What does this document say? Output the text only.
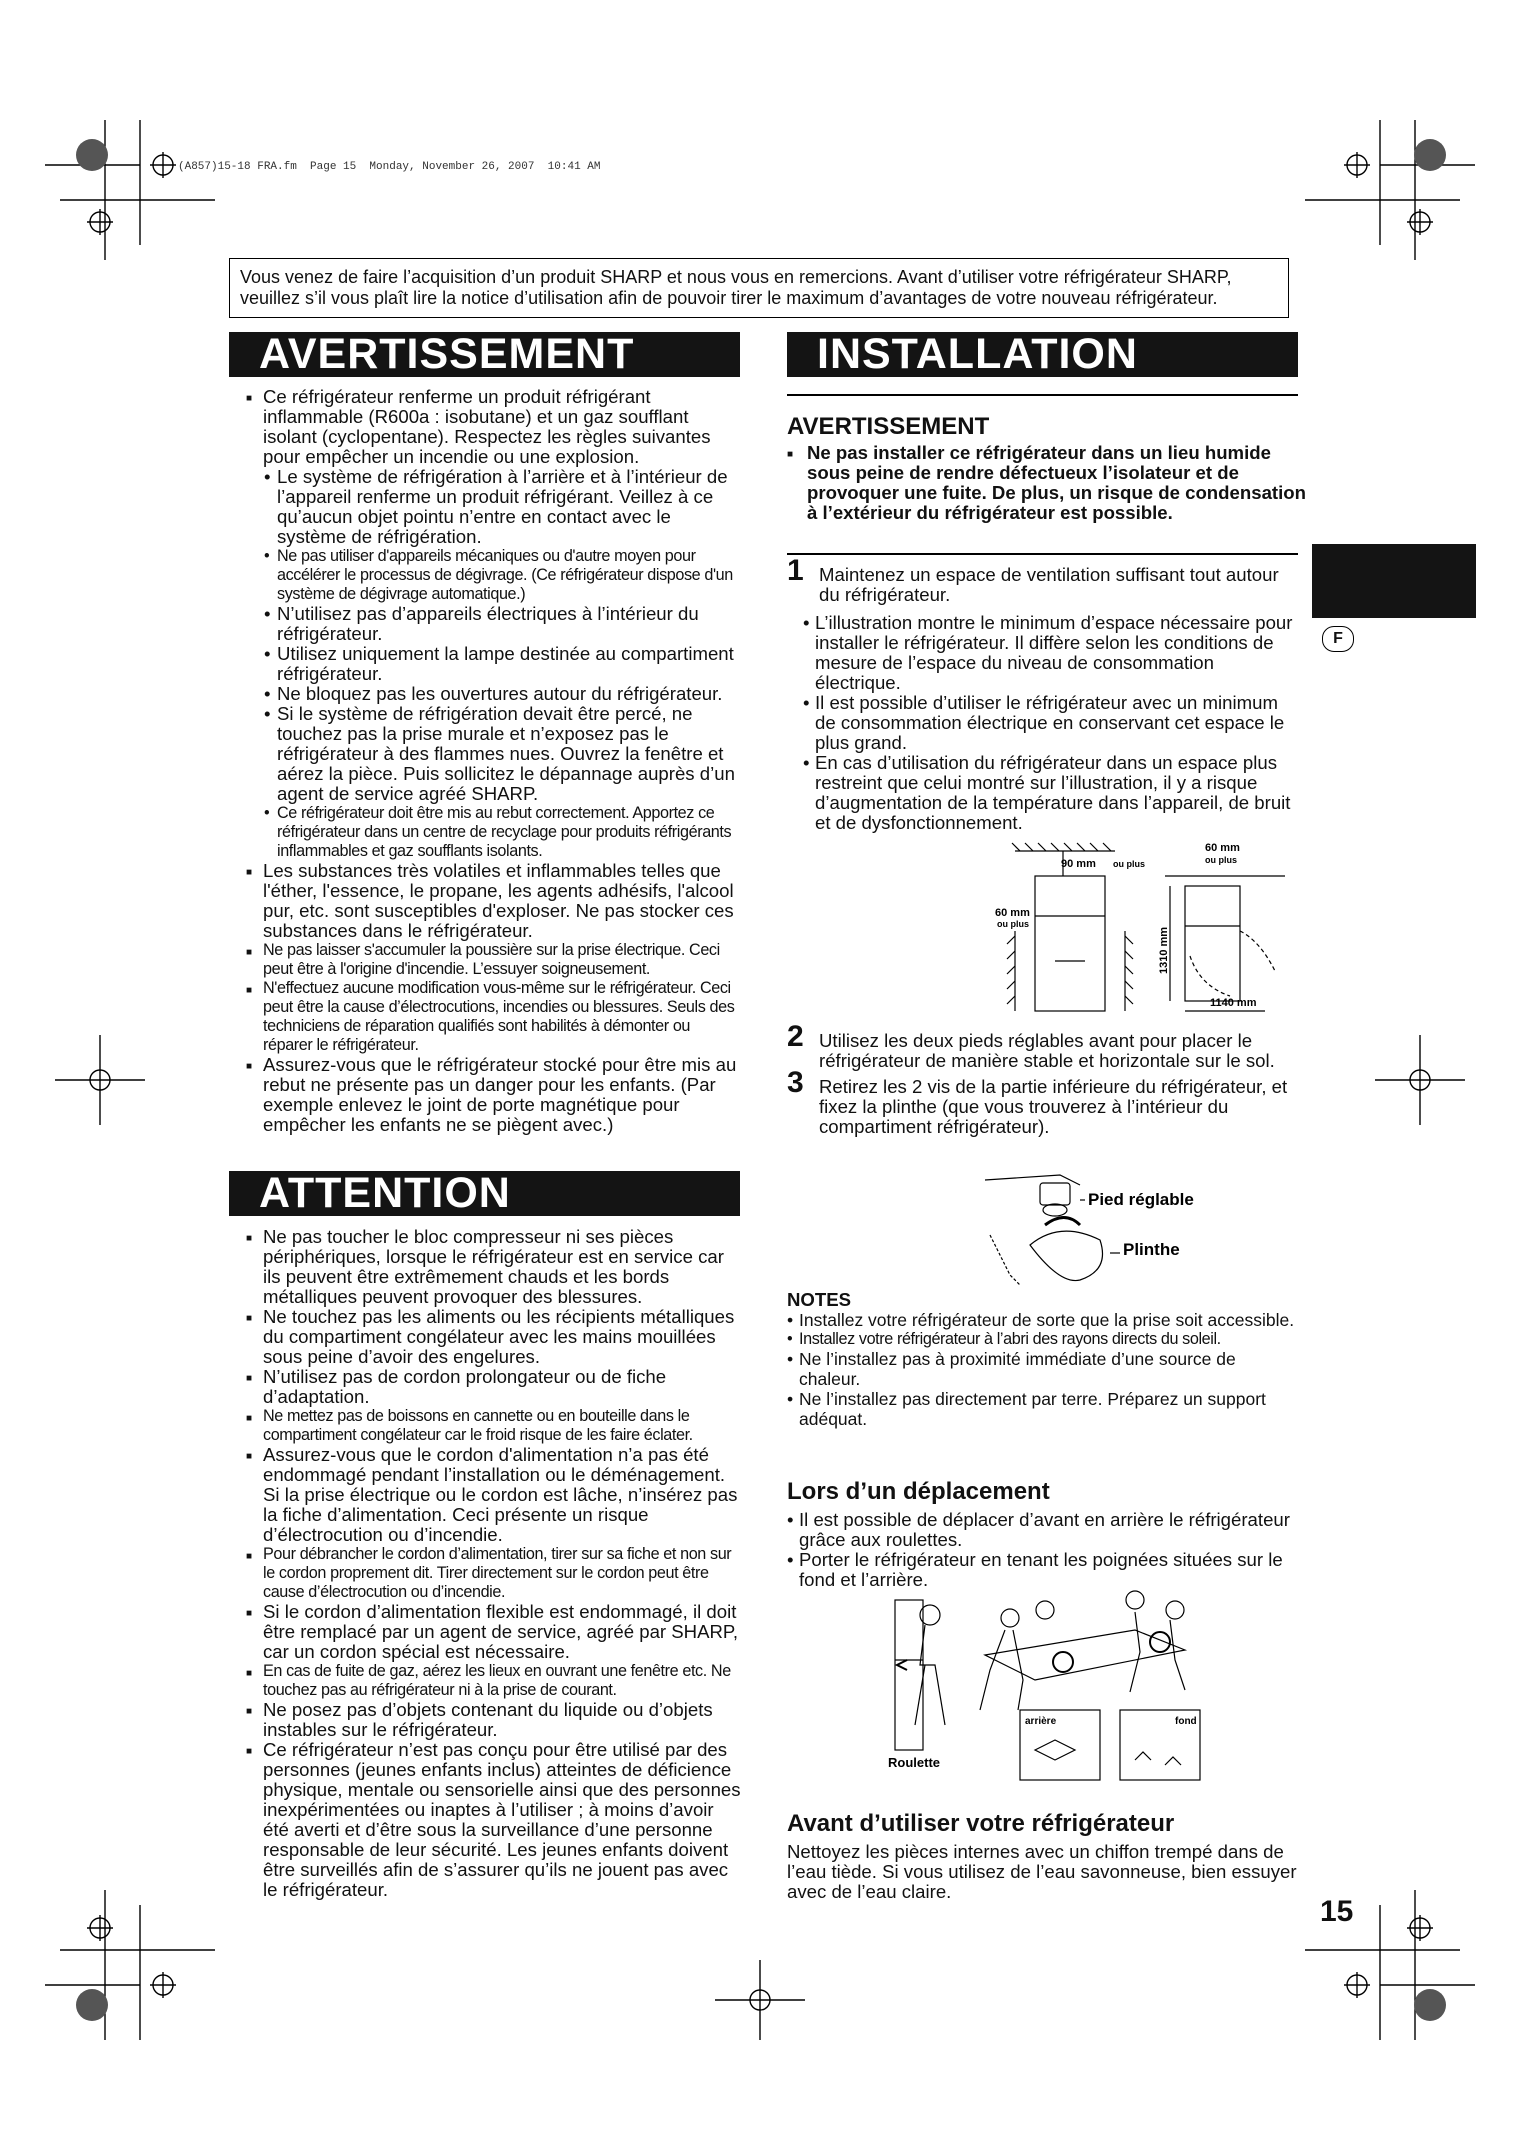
(A857)15-18 FRA.fm  Page 15  Monday, November 26, 2007  10:41 AM
Vous venez de faire l’acquisition d’un produit SHARP et nous vous en remercions. Avant d’utiliser votre réfrigérateur SHARP,
veuillez s’il vous plaît lire la notice d’utilisation afin de pouvoir tirer le maximum d’avantages de votre nouveau réfrigérateur.
AVERTISSEMENT
■ Ce réfrigérateur renferme un produit réfrigérant inflammable (R600a : isobutane) et un gaz soufflant isolant (cyclopentane). Respectez les règles suivantes pour empêcher un incendie ou une explosion.
• Le système de réfrigération à l’arrière et à l’intérieur de l’appareil renferme un produit réfrigérant. Veillez à ce qu’aucun objet pointu n’entre en contact avec le système de réfrigération.
• Ne pas utiliser d'appareils mécaniques ou d'autre moyen pour accélérer le processus de dégivrage. (Ce réfrigérateur dispose d'un système de dégivrage automatique.)
• N’utilisez pas d’appareils électriques à l’intérieur du réfrigérateur.
• Utilisez uniquement la lampe destinée au compartiment réfrigérateur.
• Ne bloquez pas les ouvertures autour du réfrigérateur.
• Si le système de réfrigération devait être percé, ne touchez pas la prise murale et n’exposez pas le réfrigérateur à des flammes nues. Ouvrez la fenêtre et aérez la pièce. Puis sollicitez le dépannage auprès d’un agent de service agréé SHARP.
• Ce réfrigérateur doit être mis au rebut correctement. Apportez ce réfrigérateur dans un centre de recyclage pour produits réfrigérants inflammables et gaz soufflants isolants.
■ Les substances très volatiles et inflammables telles que l'éther, l'essence, le propane, les agents adhésifs, l'alcool pur, etc. sont susceptibles d'exploser. Ne pas stocker ces substances dans le réfrigérateur.
■ Ne pas laisser s'accumuler la poussière sur la prise électrique. Ceci peut être à l'origine d'incendie. L’essuyer soigneusement.
■ N'effectuez aucune modification vous-même sur le réfrigérateur. Ceci peut être la cause d’électrocutions, incendies ou blessures. Seuls des techniciens de réparation qualifiés sont habilités à démonter ou réparer le réfrigérateur.
■ Assurez-vous que le réfrigérateur stocké pour être mis au rebut ne présente pas un danger pour les enfants. (Par exemple enlevez le joint de porte magnétique pour empêcher les enfants ne se piègent avec.)
ATTENTION
■ Ne pas toucher le bloc compresseur ni ses pièces périphériques, lorsque le réfrigérateur est en service car ils peuvent être extrêmement chauds et les bords métalliques peuvent provoquer des blessures.
■ Ne touchez pas les aliments ou les récipients métalliques du compartiment congélateur avec les mains mouillées sous peine d’avoir des engelures.
■ N’utilisez pas de cordon prolongateur ou de fiche d’adaptation.
■ Ne mettez pas de boissons en cannette ou en bouteille dans le compartiment congélateur car le froid risque de les faire éclater.
■ Assurez-vous que le cordon d'alimentation n’a pas été endommagé pendant l’installation ou le déménagement. Si la prise électrique ou le cordon est lâche, n’insérez pas la fiche d’alimentation. Ceci présente un risque d’électrocution ou d’incendie.
■ Pour débrancher le cordon d’alimentation, tirer sur sa fiche et non sur le cordon proprement dit. Tirer directement sur le cordon peut être cause d’électrocution ou d’incendie.
■ Si le cordon d’alimentation flexible est endommagé, il doit être remplacé par un agent de service, agréé par SHARP, car un cordon spécial est nécessaire.
■ En cas de fuite de gaz, aérez les lieux en ouvrant une fenêtre etc. Ne touchez pas au réfrigérateur ni à la prise de courant.
■ Ne posez pas d’objets contenant du liquide ou d’objets instables sur le réfrigérateur.
■ Ce réfrigérateur n’est pas conçu pour être utilisé par des personnes (jeunes enfants inclus) atteintes de déficience physique, mentale ou sensorielle ainsi que des personnes inexpérimentées ou inaptes à l’utiliser ; à moins d’avoir été averti et d’être sous la surveillance d’une personne responsable de leur sécurité. Les jeunes enfants doivent être surveillés afin de s’assurer qu’ils ne jouent pas avec le réfrigérateur.
INSTALLATION
AVERTISSEMENT
■ Ne pas installer ce réfrigérateur dans un lieu humide sous peine de rendre défectueux l’isolateur et de provoquer une fuite. De plus, un risque de condensation à l’extérieur du réfrigérateur est possible.
1 Maintenez un espace de ventilation suffisant tout autour du réfrigérateur.
• L’illustration montre le minimum d’espace nécessaire pour installer le réfrigérateur. Il diffère selon les conditions de mesure de l’espace du niveau de consommation électrique.
• Il est possible d’utiliser le réfrigérateur avec un minimum de consommation électrique en conservant cet espace le plus grand.
• En cas d’utilisation du réfrigérateur dans un espace plus restreint que celui montré sur l’illustration, il y a risque d’augmentation de la température dans l’appareil, de bruit et de dysfonctionnement.
90 mm ou plus
60 mm
ou plus
60 mm
ou plus
1310 mm
1140 mm
2 Utilisez les deux pieds réglables avant pour placer le réfrigérateur de manière stable et horizontale sur le sol.
3 Retirez les 2 vis de la partie inférieure du réfrigérateur, et fixez la plinthe (que vous trouverez à l’intérieur du compartiment réfrigérateur).
Pied réglable
Plinthe
NOTES
• Installez votre réfrigérateur de sorte que la prise soit accessible.
• Installez votre réfrigérateur à l’abri des rayons directs du soleil.
• Ne l’installez pas à proximité immédiate d’une source de chaleur.
• Ne l’installez pas directement par terre. Préparez un support adéquat.
Lors d’un déplacement
• Il est possible de déplacer d’avant en arrière le réfrigérateur grâce aux roulettes.
• Porter le réfrigérateur en tenant les poignées situées sur le fond et l’arrière.
arrière	fond
Roulette
Avant d’utiliser votre réfrigérateur
Nettoyez les pièces internes avec un chiffon trempé dans de l’eau tiède. Si vous utilisez de l’eau savonneuse, bien essuyer avec de l’eau claire.
F
15
